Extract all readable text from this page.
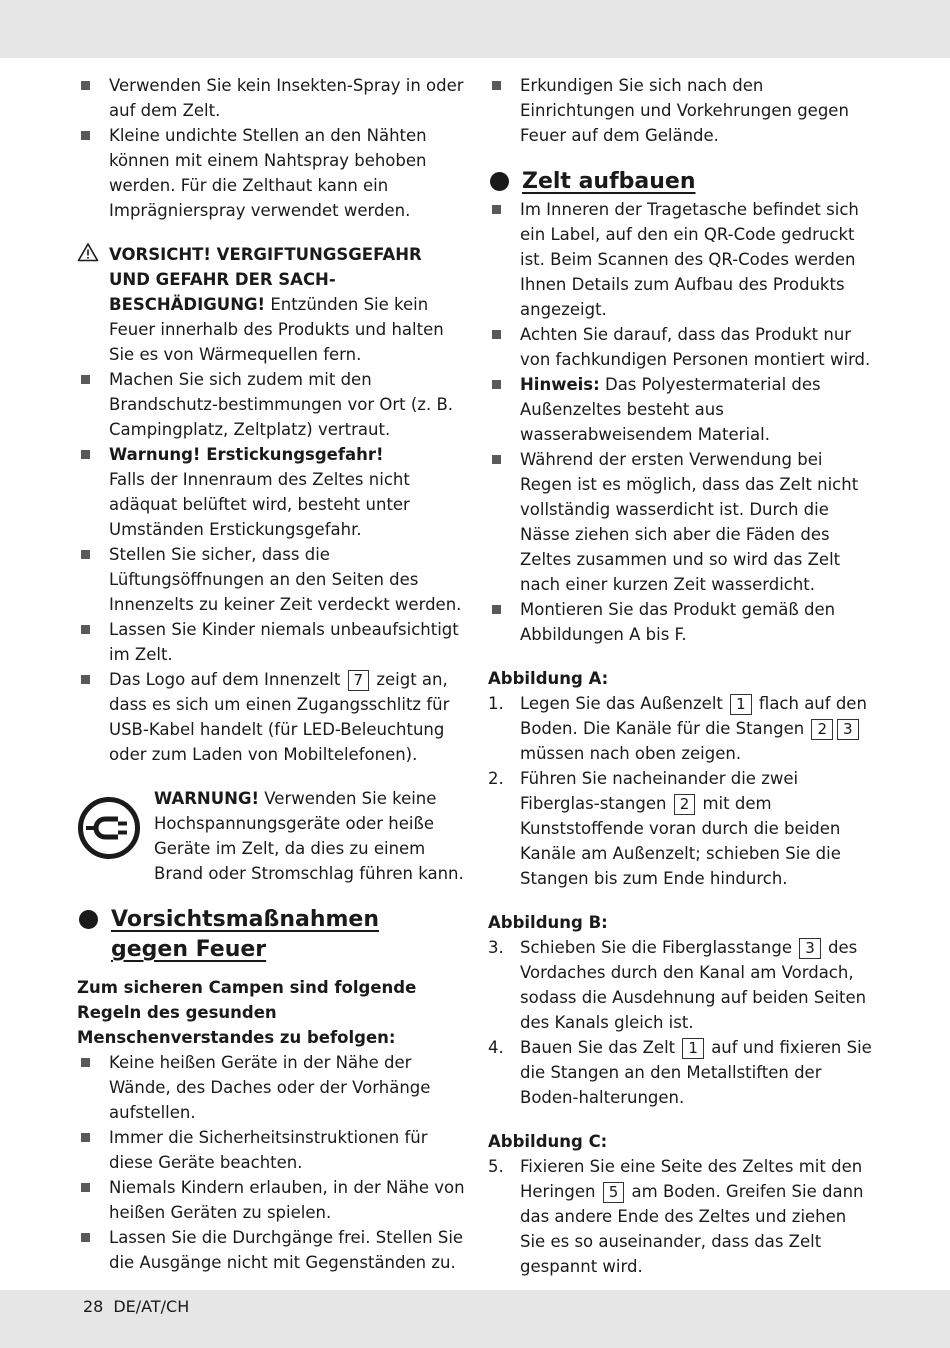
Verwenden Sie kein Insekten-Spray in oder auf dem Zelt.
Kleine undichte Stellen an den Nähten können mit einem Nahtspray behoben werden. Für die Zelthaut kann ein Imprägnierspray verwendet werden.
VORSICHT! VERGIFTUNGSGEFAHR UND GEFAHR DER SACH-BESCHÄDIGUNG! Entzünden Sie kein Feuer innerhalb des Produkts und halten Sie es von Wärmequellen fern.
Machen Sie sich zudem mit den Brandschutz-bestimmungen vor Ort (z. B. Campingplatz, Zeltplatz) vertraut.
Warnung! Erstickungsgefahr!
Falls der Innenraum des Zeltes nicht adäquat belüftet wird, besteht unter Umständen Erstickungsgefahr.
Stellen Sie sicher, dass die Lüftungsöffnungen an den Seiten des Innenzelts zu keiner Zeit verdeckt werden.
Lassen Sie Kinder niemals unbeaufsichtigt im Zelt.
Das Logo auf dem Innenzelt 7 zeigt an, dass es sich um einen Zugangsschlitz für USB-Kabel handelt (für LED-Beleuchtung oder zum Laden von Mobiltelefonen).
WARNUNG! Verwenden Sie keine Hochspannungsgeräte oder heiße Geräte im Zelt, da dies zu einem Brand oder Stromschlag führen kann.
Vorsichtsmaßnahmen
gegen Feuer
Zum sicheren Campen sind folgende Regeln des gesunden Menschenverstandes zu befolgen:
Keine heißen Geräte in der Nähe der Wände, des Daches oder der Vorhänge aufstellen.
Immer die Sicherheitsinstruktionen für diese Geräte beachten.
Niemals Kindern erlauben, in der Nähe von heißen Geräten zu spielen.
Lassen Sie die Durchgänge frei. Stellen Sie die Ausgänge nicht mit Gegenständen zu.
Erkundigen Sie sich nach den Einrichtungen und Vorkehrungen gegen Feuer auf dem Gelände.
Zelt aufbauen
Im Inneren der Tragetasche befindet sich ein Label, auf den ein QR-Code gedruckt ist. Beim Scannen des QR-Codes werden Ihnen Details zum Aufbau des Produkts angezeigt.
Achten Sie darauf, dass das Produkt nur von fachkundigen Personen montiert wird.
Hinweis: Das Polyestermaterial des Außenzeltes besteht aus wasserabweisendem Material.
Während der ersten Verwendung bei Regen ist es möglich, dass das Zelt nicht vollständig wasserdicht ist. Durch die Nässe ziehen sich aber die Fäden des Zeltes zusammen und so wird das Zelt nach einer kurzen Zeit wasserdicht.
Montieren Sie das Produkt gemäß den Abbildungen A bis F.
Abbildung A:
1. Legen Sie das Außenzelt 1 flach auf den Boden. Die Kanäle für die Stangen 2 3 müssen nach oben zeigen.
2. Führen Sie nacheinander die zwei Fiberglas-stangen 2 mit dem Kunststoffende voran durch die beiden Kanäle am Außenzelt; schieben Sie die Stangen bis zum Ende hindurch.
Abbildung B:
3. Schieben Sie die Fiberglasstange 3 des Vordaches durch den Kanal am Vordach, sodass die Ausdehnung auf beiden Seiten des Kanals gleich ist.
4. Bauen Sie das Zelt 1 auf und fixieren Sie die Stangen an den Metallstiften der Boden-halterungen.
Abbildung C:
5. Fixieren Sie eine Seite des Zeltes mit den Heringen 5 am Boden. Greifen Sie dann das andere Ende des Zeltes und ziehen Sie es so auseinander, dass das Zelt gespannt wird.
28 DE/AT/CH
